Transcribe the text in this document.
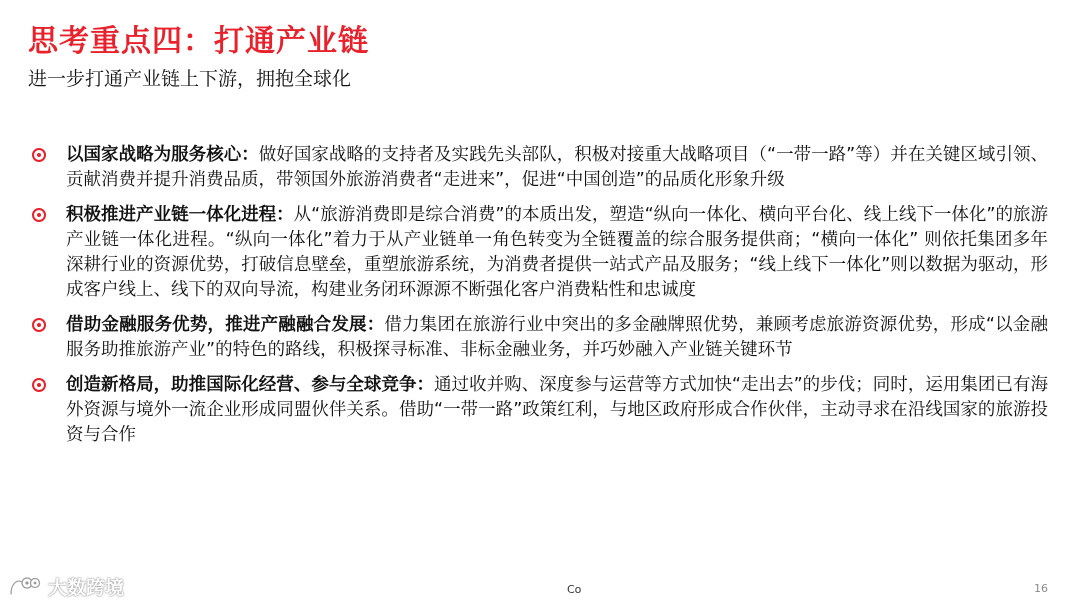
思考重点四：打通产业链
进一步打通产业链上下游，拥抱全球化
以国家战略为服务核心：做好国家战略的支持者及实践先头部队，积极对接重大战略项目（“一带一路”等）并在关键区域引领、贡献消费并提升消费品质，带领国外旅游消费者“走进来”，促进“中国创造”的品质化形象升级
积极推进产业链一体化进程：从“旅游消费即是综合消费”的本质出发，塑造“纵向一体化、横向平台化、线上线下一体化”的旅游产业链一体化进程。“纵向一体化”着力于从产业链单一角色转变为全链覆盖的综合服务提供商；“横向一体化” 则依托集团多年深耕行业的资源优势，打破信息壁垒，重塑旅游系统，为消费者提供一站式产品及服务；“线上线下一体化”则以数据为驱动，形成客户线上、线下的双向导流，构建业务闭环源源不断强化客户消费粘性和忠诚度
借助金融服务优势，推进产融融合发展：借力集团在旅游行业中突出的多金融牌照优势，兼顾考虑旅游资源优势，形成“以金融服务助推旅游产业”的特色的路线，积极探寻标准、非标金融业务，并巧妙融入产业链关键环节
创造新格局，助推国际化经营、参与全球竞争：通过收并购、深度参与运营等方式加快“走出去”的步伐；同时，运用集团已有海外资源与境外一流企业形成同盟伙伴关系。借助“一带一路”政策红利，与地区政府形成合作伙伴，主动寻求在沿线国家的旅游投资与合作
大数跨境	Co	16
